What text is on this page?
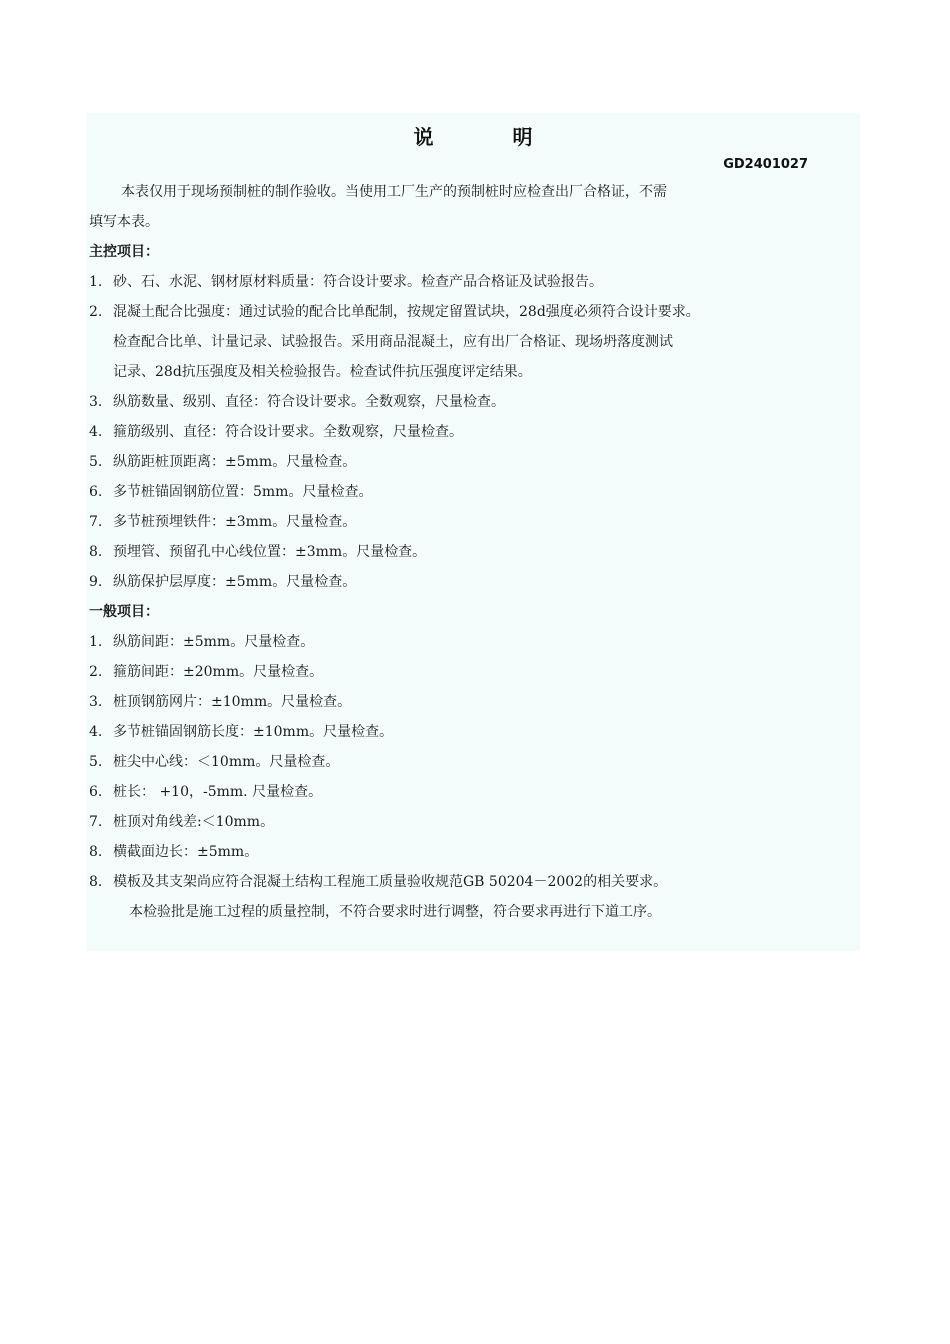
说 明
GD2401027
本表仅用于现场预制桩的制作验收。当使用工厂生产的预制桩时应检查出厂合格证，不需
填写本表。
主控项目：
1. 砂、石、水泥、钢材原材料质量：符合设计要求。检查产品合格证及试验报告。
2. 混凝土配合比强度：通过试验的配合比单配制，按规定留置试块，28d强度必须符合设计要求。
检查配合比单、计量记录、试验报告。采用商品混凝土，应有出厂合格证、现场坍落度测试
记录、28d抗压强度及相关检验报告。检查试件抗压强度评定结果。
3. 纵筋数量、级别、直径：符合设计要求。全数观察，尺量检查。
4. 箍筋级别、直径：符合设计要求。全数观察，尺量检查。
5. 纵筋距桩顶距离：±5mm。尺量检查。
6. 多节桩锚固钢筋位置：5mm。尺量检查。
7. 多节桩预埋铁件：±3mm。尺量检查。
8. 预埋管、预留孔中心线位置：±3mm。尺量检查。
9. 纵筋保护层厚度：±5mm。尺量检查。
一般项目：
1. 纵筋间距：±5mm。尺量检查。
2. 箍筋间距：±20mm。尺量检查。
3. 桩顶钢筋网片：±10mm。尺量检查。
4. 多节桩锚固钢筋长度：±10mm。尺量检查。
5. 桩尖中心线：＜10mm。尺量检查。
6. 桩长： +10，-5mm. 尺量检查。
7. 桩顶对角线差:＜10mm。
8. 横截面边长：±5mm。
8. 模板及其支架尚应符合混凝土结构工程施工质量验收规范GB 50204－2002的相关要求。
本检验批是施工过程的质量控制，不符合要求时进行调整，符合要求再进行下道工序。
